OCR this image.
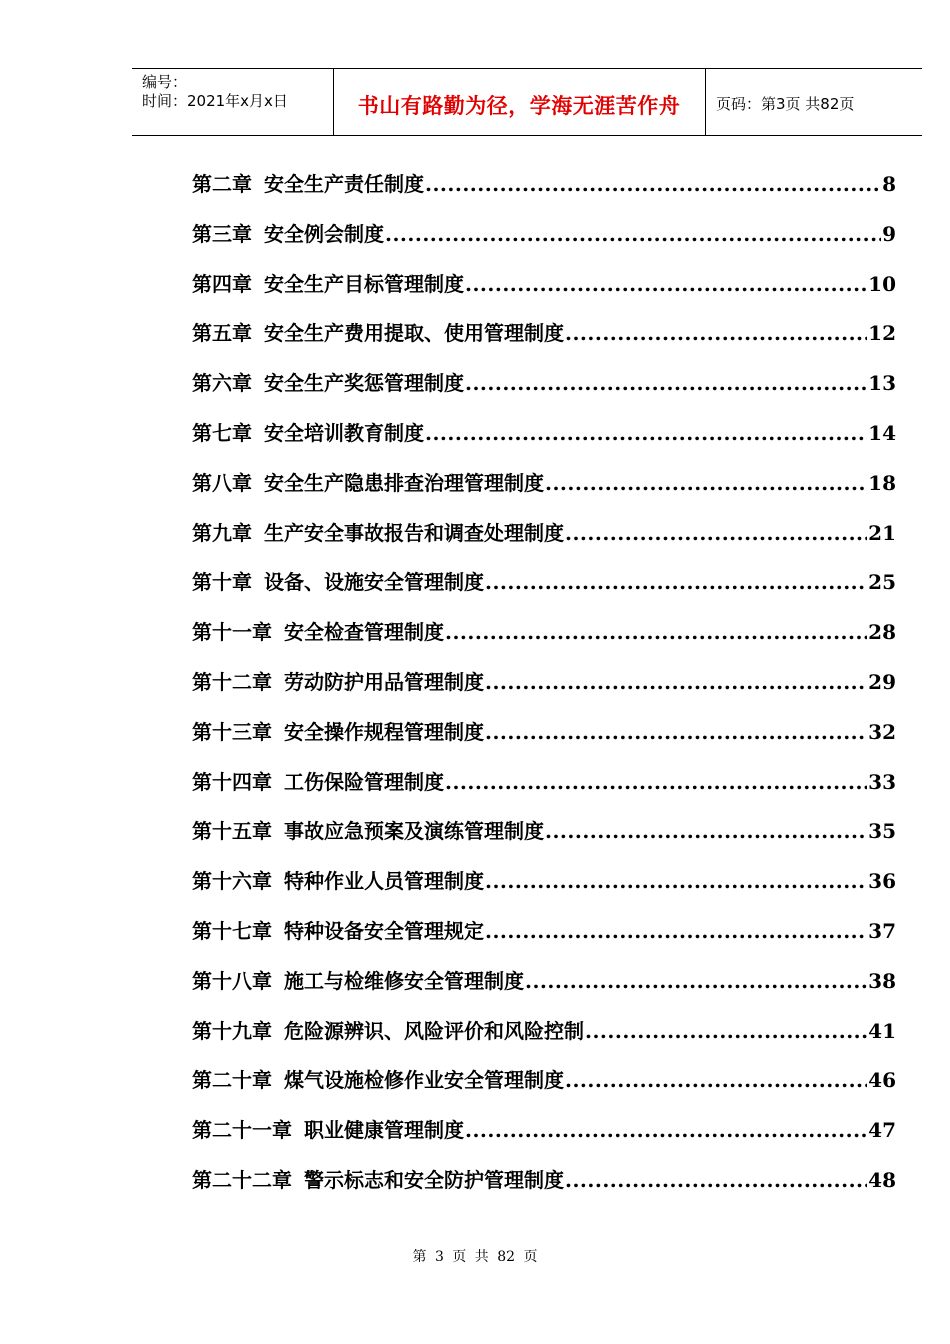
编号：
时间：2021年x月x日	书山有路勤为径，学海无涯苦作舟	页码：第3页 共82页
第二章 安全生产责任制度 .....	8
第三章 安全例会制度 .....	9
第四章 安全生产目标管理制度 .....	10
第五章 安全生产费用提取、使用管理制度 .....	12
第六章 安全生产奖惩管理制度 .....	13
第七章 安全培训教育制度 .....	14
第八章 安全生产隐患排查治理管理制度 .....	18
第九章 生产安全事故报告和调查处理制度 .....	21
第十章 设备、设施安全管理制度 .....	25
第十一章 安全检查管理制度 .....	28
第十二章 劳动防护用品管理制度 .....	29
第十三章 安全操作规程管理制度 .....	32
第十四章 工伤保险管理制度 .....	33
第十五章 事故应急预案及演练管理制度 .....	35
第十六章 特种作业人员管理制度 .....	36
第十七章 特种设备安全管理规定 .....	37
第十八章 施工与检维修安全管理制度 .....	38
第十九章 危险源辨识、风险评价和风险控制 .....	41
第二十章 煤气设施检修作业安全管理制度 .....	46
第二十一章 职业健康管理制度 .....	47
第二十二章 警示标志和安全防护管理制度 .....	48
第 3 页 共 82 页
